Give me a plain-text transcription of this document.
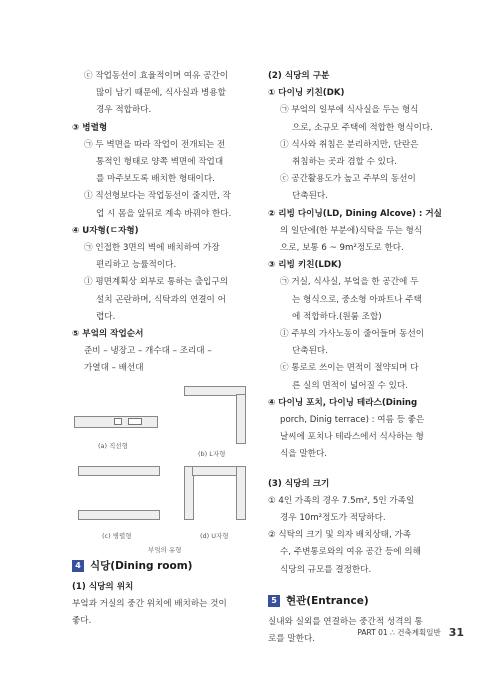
ⓒ 작업동선이 효율적이며 여유 공간이
많이 남기 때문에, 식사실과 병용할
경우 적합하다.
③ 병렬형
㉠ 두 벽면을 따라 작업이 전개되는 전
통적인 형태로 양쪽 벽면에 작업대
를 마주보도록 배치한 형태이다.
ⓛ 직선형보다는 작업동선이 줄지만, 작
업 시 몸을 앞뒤로 계속 바꿔야 한다.
④ U자형(ㄷ자형)
㉠ 인접한 3면의 벽에 배치하여 가장
편리하고 능률적이다.
ⓛ 평면계획상 외부로 통하는 출입구의
설치 곤란하며, 식탁과의 연결이 어
렵다.
⑤ 부엌의 작업순서
준비 – 냉장고 – 개수대 – 조리대 –
가열대 – 배선대
(a) 직선형
(b) L자형
(c) 병렬형	(d) U자형
부엌의 유형
4 식당(Dining room)
(1) 식당의 위치
부엌과 거실의 중간 위치에 배치하는 것이
좋다.
(2) 식당의 구분
① 다이닝 키친(DK)
㉠ 부엌의 일부에 식사실을 두는 형식
으로, 소규모 주택에 적합한 형식이다.
ⓛ 식사와 취침은 분리하지만, 단란은
취침하는 곳과 겸할 수 있다.
ⓒ 공간활용도가 높고 주부의 동선이
단축된다.
② 리빙 다이닝(LD, Dining Alcove) : 거실
의 일단에(한 부분에)식탁을 두는 형식
으로, 보통 6 ~ 9m²정도로 한다.
③ 리빙 키친(LDK)
㉠ 거실, 식사실, 부엌을 한 공간에 두
는 형식으로, 중소형 아파트나 주택
에 적합하다.(원룸 조합)
ⓛ 주부의 가사노동이 줄어들며 동선이
단축된다.
ⓒ 통로로 쓰이는 면적이 절약되며 다
른 실의 면적이 넓어질 수 있다.
④ 다이닝 포치, 다이닝 테라스(Dining
porch, Dinig terrace) : 여름 등 좋은
날씨에 포치나 테라스에서 식사하는 형
식을 말한다.
(3) 식당의 크기
① 4인 가족의 경우 7.5m², 5인 가족일
경우 10m²정도가 적당하다.
② 식탁의 크기 및 의자 배치상태, 가족
수, 주변통로와의 여유 공간 등에 의해
식당의 규모를 결정한다.
5 현관(Entrance)
실내와 실외를 연결하는 중간적 성격의 통
로를 말한다.
PART 01 ∴ 건축계획일반 31
